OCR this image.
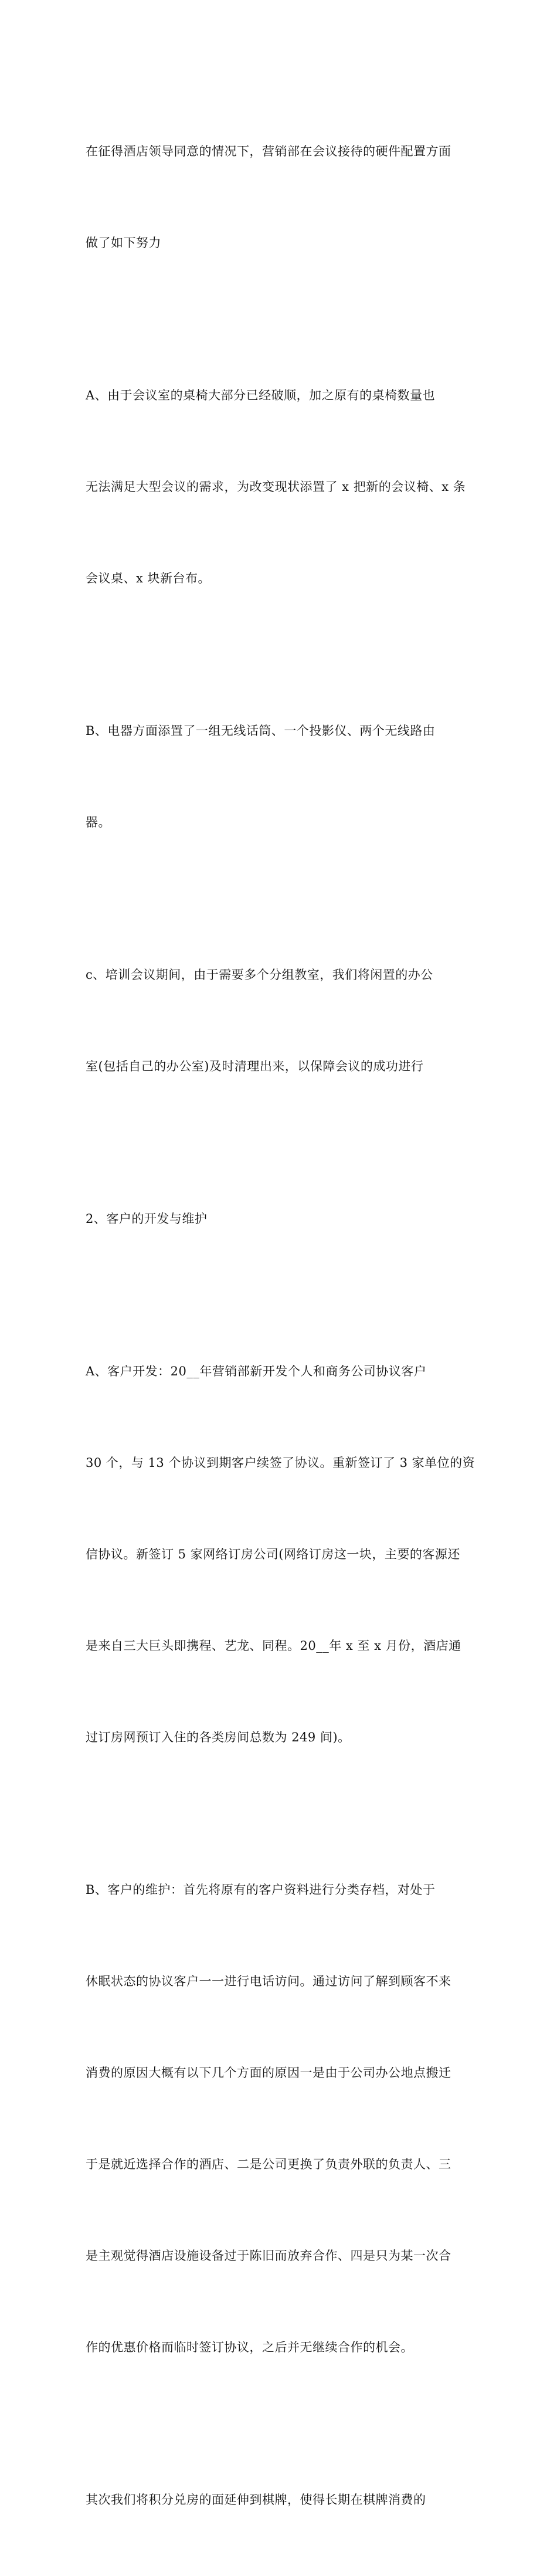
在征得酒店领导同意的情况下，营销部在会议接待的硬件配置方面

做了如下努力

A、由于会议室的桌椅大部分已经破顺，加之原有的桌椅数量也

无法满足大型会议的需求，为改变现状添置了 x 把新的会议椅、x 条

会议桌、x 块新台布。

B、电器方面添置了一组无线话筒、一个投影仪、两个无线路由

器。

c、培训会议期间，由于需要多个分组教室，我们将闲置的办公

室(包括自己的办公室)及时清理出来，以保障会议的成功进行

2、客户的开发与维护

A、客户开发：20__年营销部新开发个人和商务公司协议客户

30 个，与 13 个协议到期客户续签了协议。重新签订了 3 家单位的资

信协议。新签订 5 家网络订房公司(网络订房这一块，主要的客源还

是来自三大巨头即携程、艺龙、同程。20__年 x 至 x 月份，酒店通

过订房网预订入住的各类房间总数为 249 间)。

B、客户的维护：首先将原有的客户资料进行分类存档，对处于

休眠状态的协议客户一一进行电话访问。通过访问了解到顾客不来

消费的原因大概有以下几个方面的原因一是由于公司办公地点搬迁

于是就近选择合作的酒店、二是公司更换了负责外联的负责人、三

是主观觉得酒店设施设备过于陈旧而放弃合作、四是只为某一次合

作的优惠价格而临时签订协议，之后并无继续合作的机会。

其次我们将积分兑房的面延伸到棋牌，使得长期在棋牌消费的
